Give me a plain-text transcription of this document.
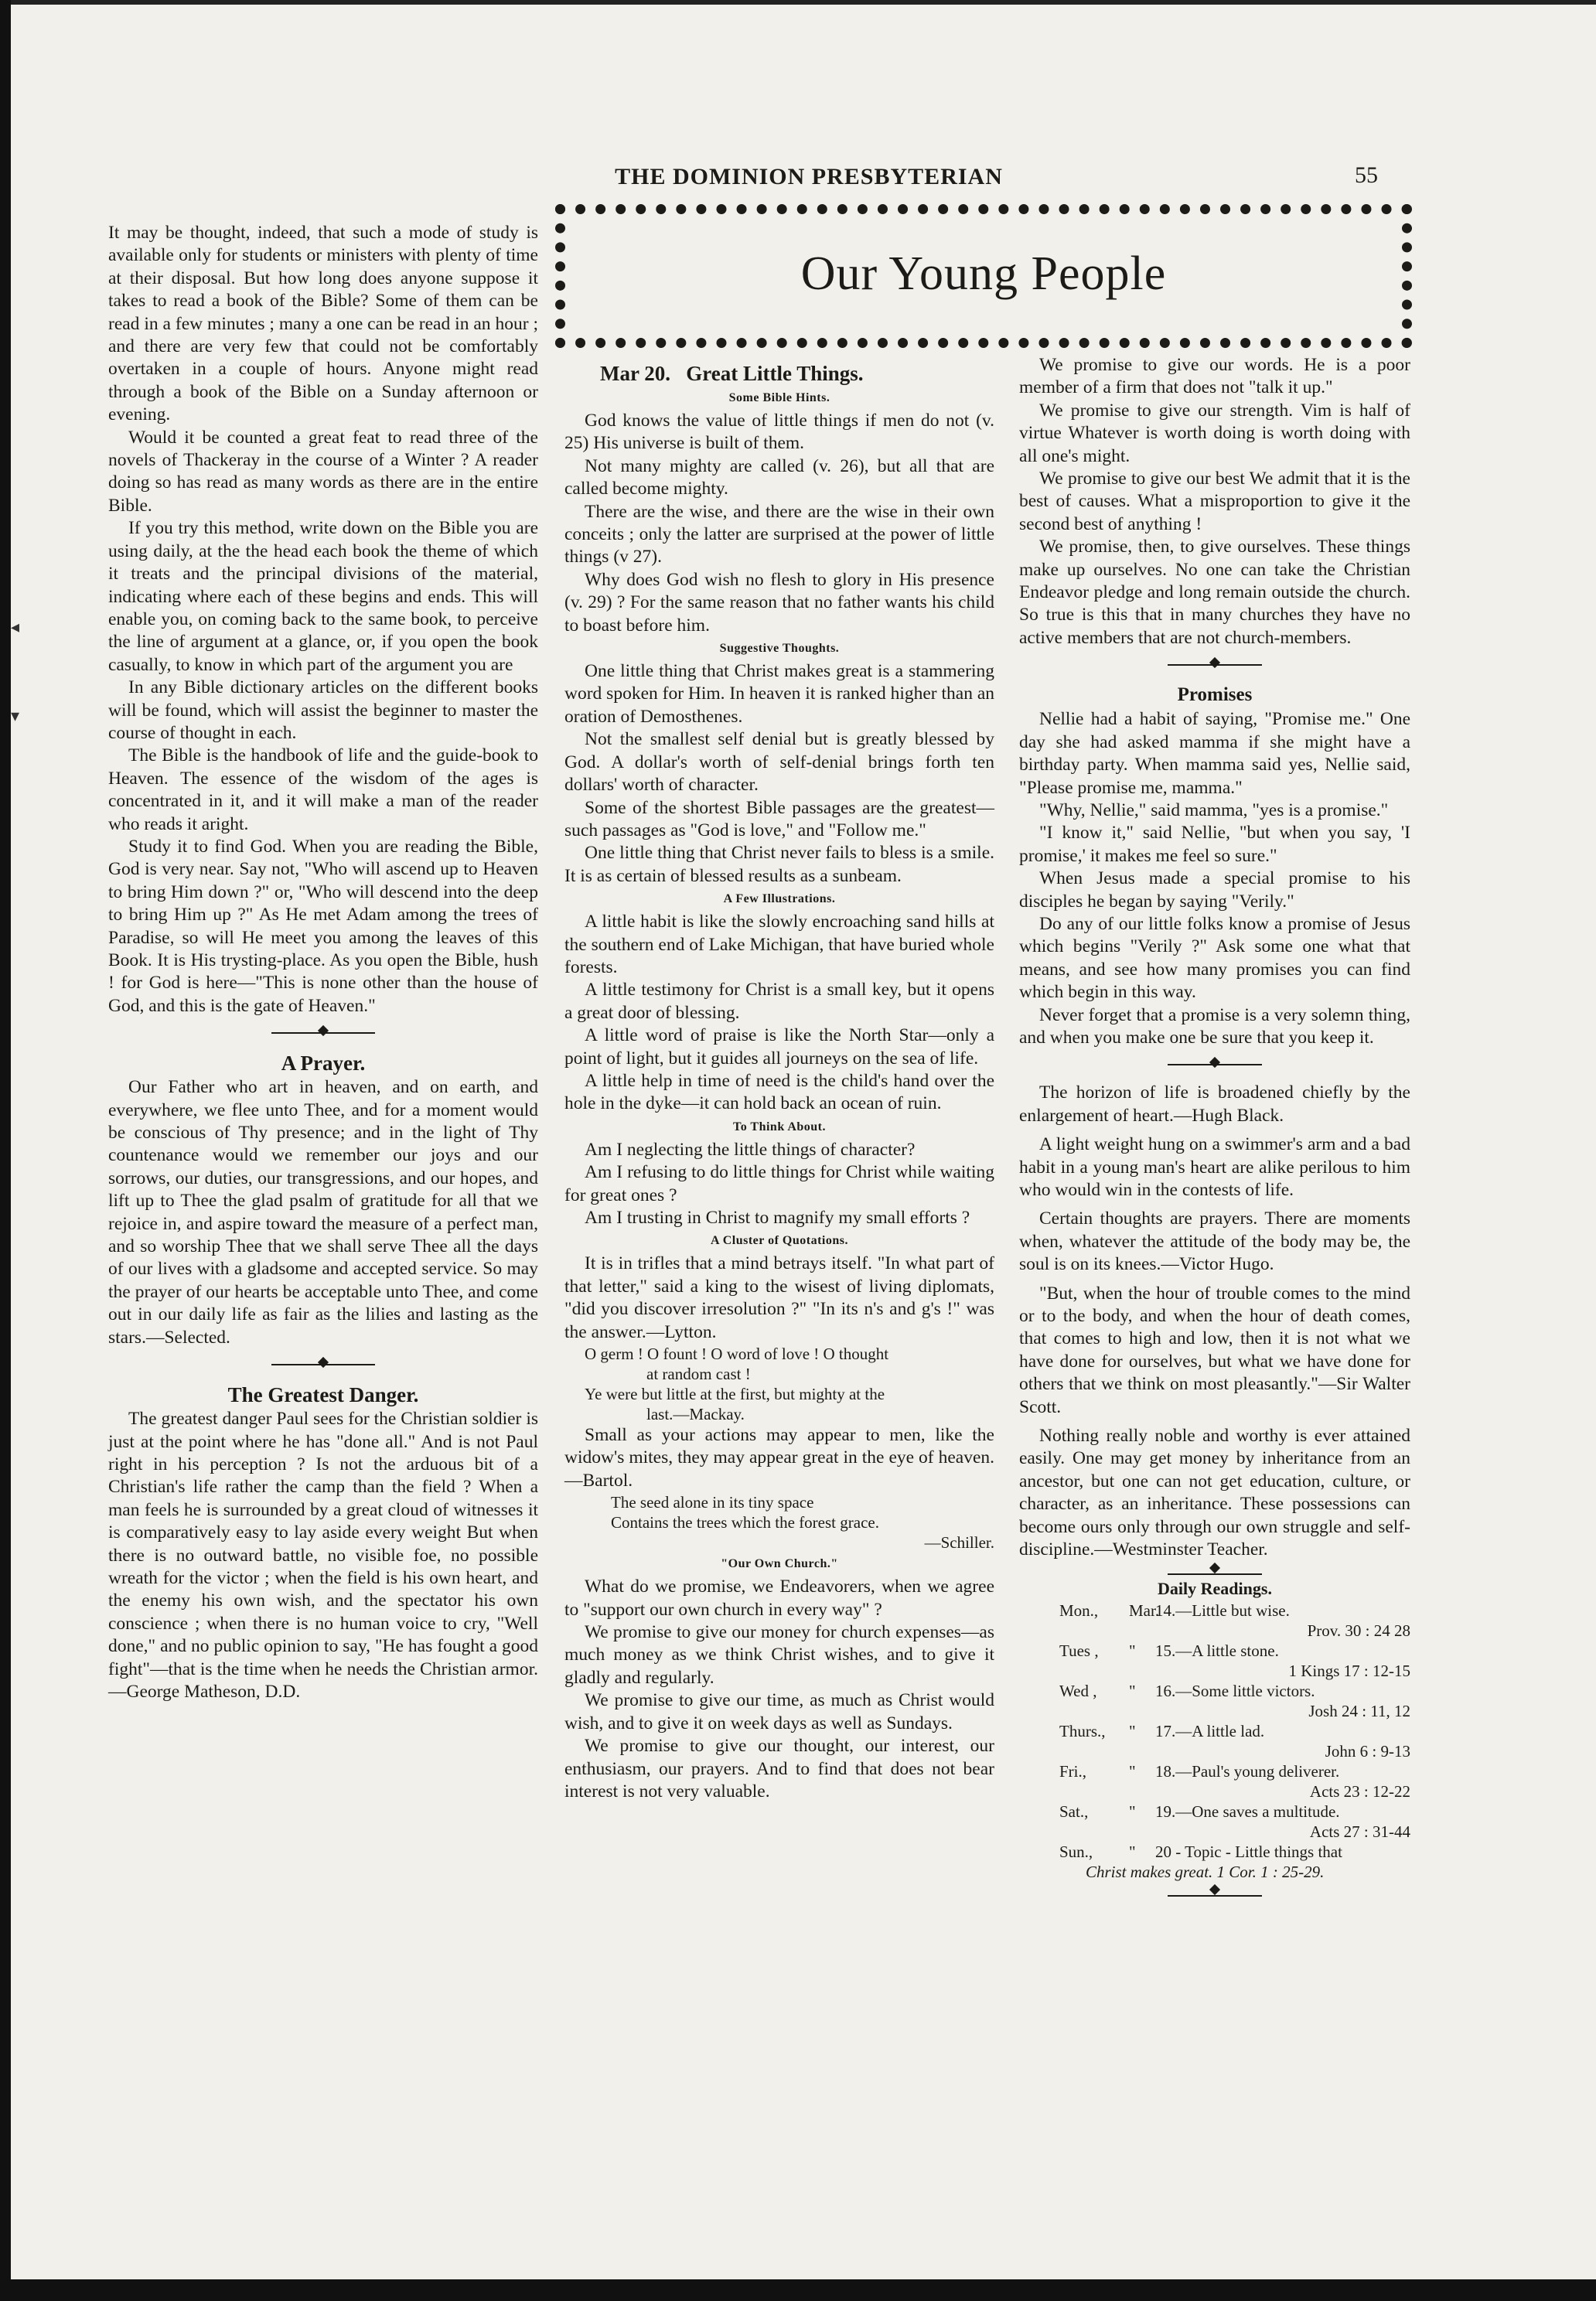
◂
▾
THE DOMINION PRESBYTERIAN	55
Our Young People

It may be thought, indeed, that such a mode of study is available only for students or ministers with plenty of time at their disposal. But how long does anyone suppose it takes to read a book of the Bible? Some of them can be read in a few minutes ; many a one can be read in an hour ; and there are very few that could not be comfortably overtaken in a couple of hours. Anyone might read through a book of the Bible on a Sunday afternoon or evening.

Would it be counted a great feat to read three of the novels of Thackeray in the course of a Winter ? A reader doing so has read as many words as there are in the entire Bible.

If you try this method, write down on the Bible you are using daily, at the the head each book the theme of which it treats and the principal divisions of the material, indicating where each of these begins and ends. This will enable you, on coming back to the same book, to perceive the line of argument at a glance, or, if you open the book casually, to know in which part of the argument you are

In any Bible dictionary articles on the different books will be found, which will assist the beginner to master the course of thought in each.

The Bible is the handbook of life and the guide-book to Heaven. The essence of the wisdom of the ages is concentrated in it, and it will make a man of the reader who reads it aright.

Study it to find God. When you are reading the Bible, God is very near. Say not, "Who will ascend up to Heaven to bring Him down ?" or, "Who will descend into the deep to bring Him up ?" As He met Adam among the trees of Paradise, so will He meet you among the leaves of this Book. It is His trysting-place. As you open the Bible, hush ! for God is here—"This is none other than the house of God, and this is the gate of Heaven."

A Prayer.

Our Father who art in heaven, and on earth, and everywhere, we flee unto Thee, and for a moment would be conscious of Thy presence; and in the light of Thy countenance would we remember our joys and our sorrows, our duties, our transgressions, and our hopes, and lift up to Thee the glad psalm of gratitude for all that we rejoice in, and aspire toward the measure of a perfect man, and so worship Thee that we shall serve Thee all the days of our lives with a gladsome and accepted service. So may the prayer of our hearts be acceptable unto Thee, and come out in our daily life as fair as the lilies and lasting as the stars.—Selected.

The Greatest Danger.

The greatest danger Paul sees for the Christian soldier is just at the point where he has "done all." And is not Paul right in his perception ? Is not the arduous bit of a Christian's life rather the camp than the field ? When a man feels he is surrounded by a great cloud of witnesses it is comparatively easy to lay aside every weight But when there is no outward battle, no visible foe, no possible wreath for the victor ; when the field is his own heart, and the enemy his own wish, and the spectator his own conscience ; when there is no human voice to cry, "Well done," and no public opinion to say, "He has fought a good fight"—that is the time when he needs the Christian armor.—George Matheson, D.D.

Mar 20. Great Little Things.
Some Bible Hints.

God knows the value of little things if men do not (v. 25) His universe is built of them.

Not many mighty are called (v. 26), but all that are called become mighty.

There are the wise, and there are the wise in their own conceits ; only the latter are surprised at the power of little things (v 27).

Why does God wish no flesh to glory in His presence (v. 29) ? For the same reason that no father wants his child to boast before him.

Suggestive Thoughts.

One little thing that Christ makes great is a stammering word spoken for Him. In heaven it is ranked higher than an oration of Demosthenes.

Not the smallest self denial but is greatly blessed by God. A dollar's worth of self-denial brings forth ten dollars' worth of character.

Some of the shortest Bible passages are the greatest—such passages as "God is love," and "Follow me."

One little thing that Christ never fails to bless is a smile. It is as certain of blessed results as a sunbeam.

A Few Illustrations.

A little habit is like the slowly encroaching sand hills at the southern end of Lake Michigan, that have buried whole forests.

A little testimony for Christ is a small key, but it opens a great door of blessing.

A little word of praise is like the North Star—only a point of light, but it guides all journeys on the sea of life.

A little help in time of need is the child's hand over the hole in the dyke—it can hold back an ocean of ruin.

To Think About.

Am I neglecting the little things of character?

Am I refusing to do little things for Christ while waiting for great ones ?

Am I trusting in Christ to magnify my small efforts ?

A Cluster of Quotations.

It is in trifles that a mind betrays itself. "In what part of that letter," said a king to the wisest of living diplomats, "did you discover irresolution ?" "In its n's and g's !" was the answer.—Lytton.

O germ ! O fount ! O word of love ! O thought

at random cast !

Ye were but little at the first, but mighty at the

last.—Mackay.

Small as your actions may appear to men, like the widow's mites, they may appear great in the eye of heaven.—Bartol.

The seed alone in its tiny space

Contains the trees which the forest grace.

—Schiller.

"Our Own Church."

What do we promise, we Endeavorers, when we agree to "support our own church in every way" ?

We promise to give our money for church expenses—as much money as we think Christ wishes, and to give it gladly and regularly.

We promise to give our time, as much as Christ would wish, and to give it on week days as well as Sundays.

We promise to give our thought, our interest, our enthusiasm, our prayers. And to find that does not bear interest is not very valuable.

We promise to give our words. He is a poor member of a firm that does not "talk it up."

We promise to give our strength. Vim is half of virtue Whatever is worth doing is worth doing with all one's might.

We promise to give our best We admit that it is the best of causes. What a misproportion to give it the second best of anything !

We promise, then, to give ourselves. These things make up ourselves. No one can take the Christian Endeavor pledge and long remain outside the church. So true is this that in many churches they have no active members that are not church-members.

Promises

Nellie had a habit of saying, "Promise me." One day she had asked mamma if she might have a birthday party. When mamma said yes, Nellie said, "Please promise me, mamma."

"Why, Nellie," said mamma, "yes is a promise."

"I know it," said Nellie, "but when you say, 'I promise,' it makes me feel so sure."

When Jesus made a special promise to his disciples he began by saying "Verily."

Do any of our little folks know a promise of Jesus which begins "Verily ?" Ask some one what that means, and see how many promises you can find which begin in this way.

Never forget that a promise is a very solemn thing, and when you make one be sure that you keep it.

The horizon of life is broadened chiefly by the enlargement of heart.—Hugh Black.

A light weight hung on a swimmer's arm and a bad habit in a young man's heart are alike perilous to him who would win in the contests of life.

Certain thoughts are prayers. There are moments when, whatever the attitude of the body may be, the soul is on its knees.—Victor Hugo.

"But, when the hour of trouble comes to the mind or to the body, and when the hour of death comes, that comes to high and low, then it is not what we have done for ourselves, but what we have done for others that we think on most pleasantly."—Sir Walter Scott.

Nothing really noble and worthy is ever attained easily. One may get money by inheritance from an ancestor, but one can not get education, culture, or character, as an inheritance. These possessions can become ours only through our own struggle and self-discipline.—Westminster Teacher.

Daily Readings.

Mon., Mar.14.—Little but wise.

Prov. 30 : 24 28

Tues , " 15.—A little stone.

1 Kings 17 : 12-15

Wed , " 16.—Some little victors.

Josh 24 : 11, 12

Thurs., " 17.—A little lad.

John 6 : 9-13

Fri.,	" 18.—Paul's young deliverer.

Acts 23 : 12-22

Sat.,	" 19.—One saves a multitude.

Acts 27 : 31-44

Sun., " 20 - Topic - Little things that

Christ makes great. 1 Cor. 1 : 25-29.
